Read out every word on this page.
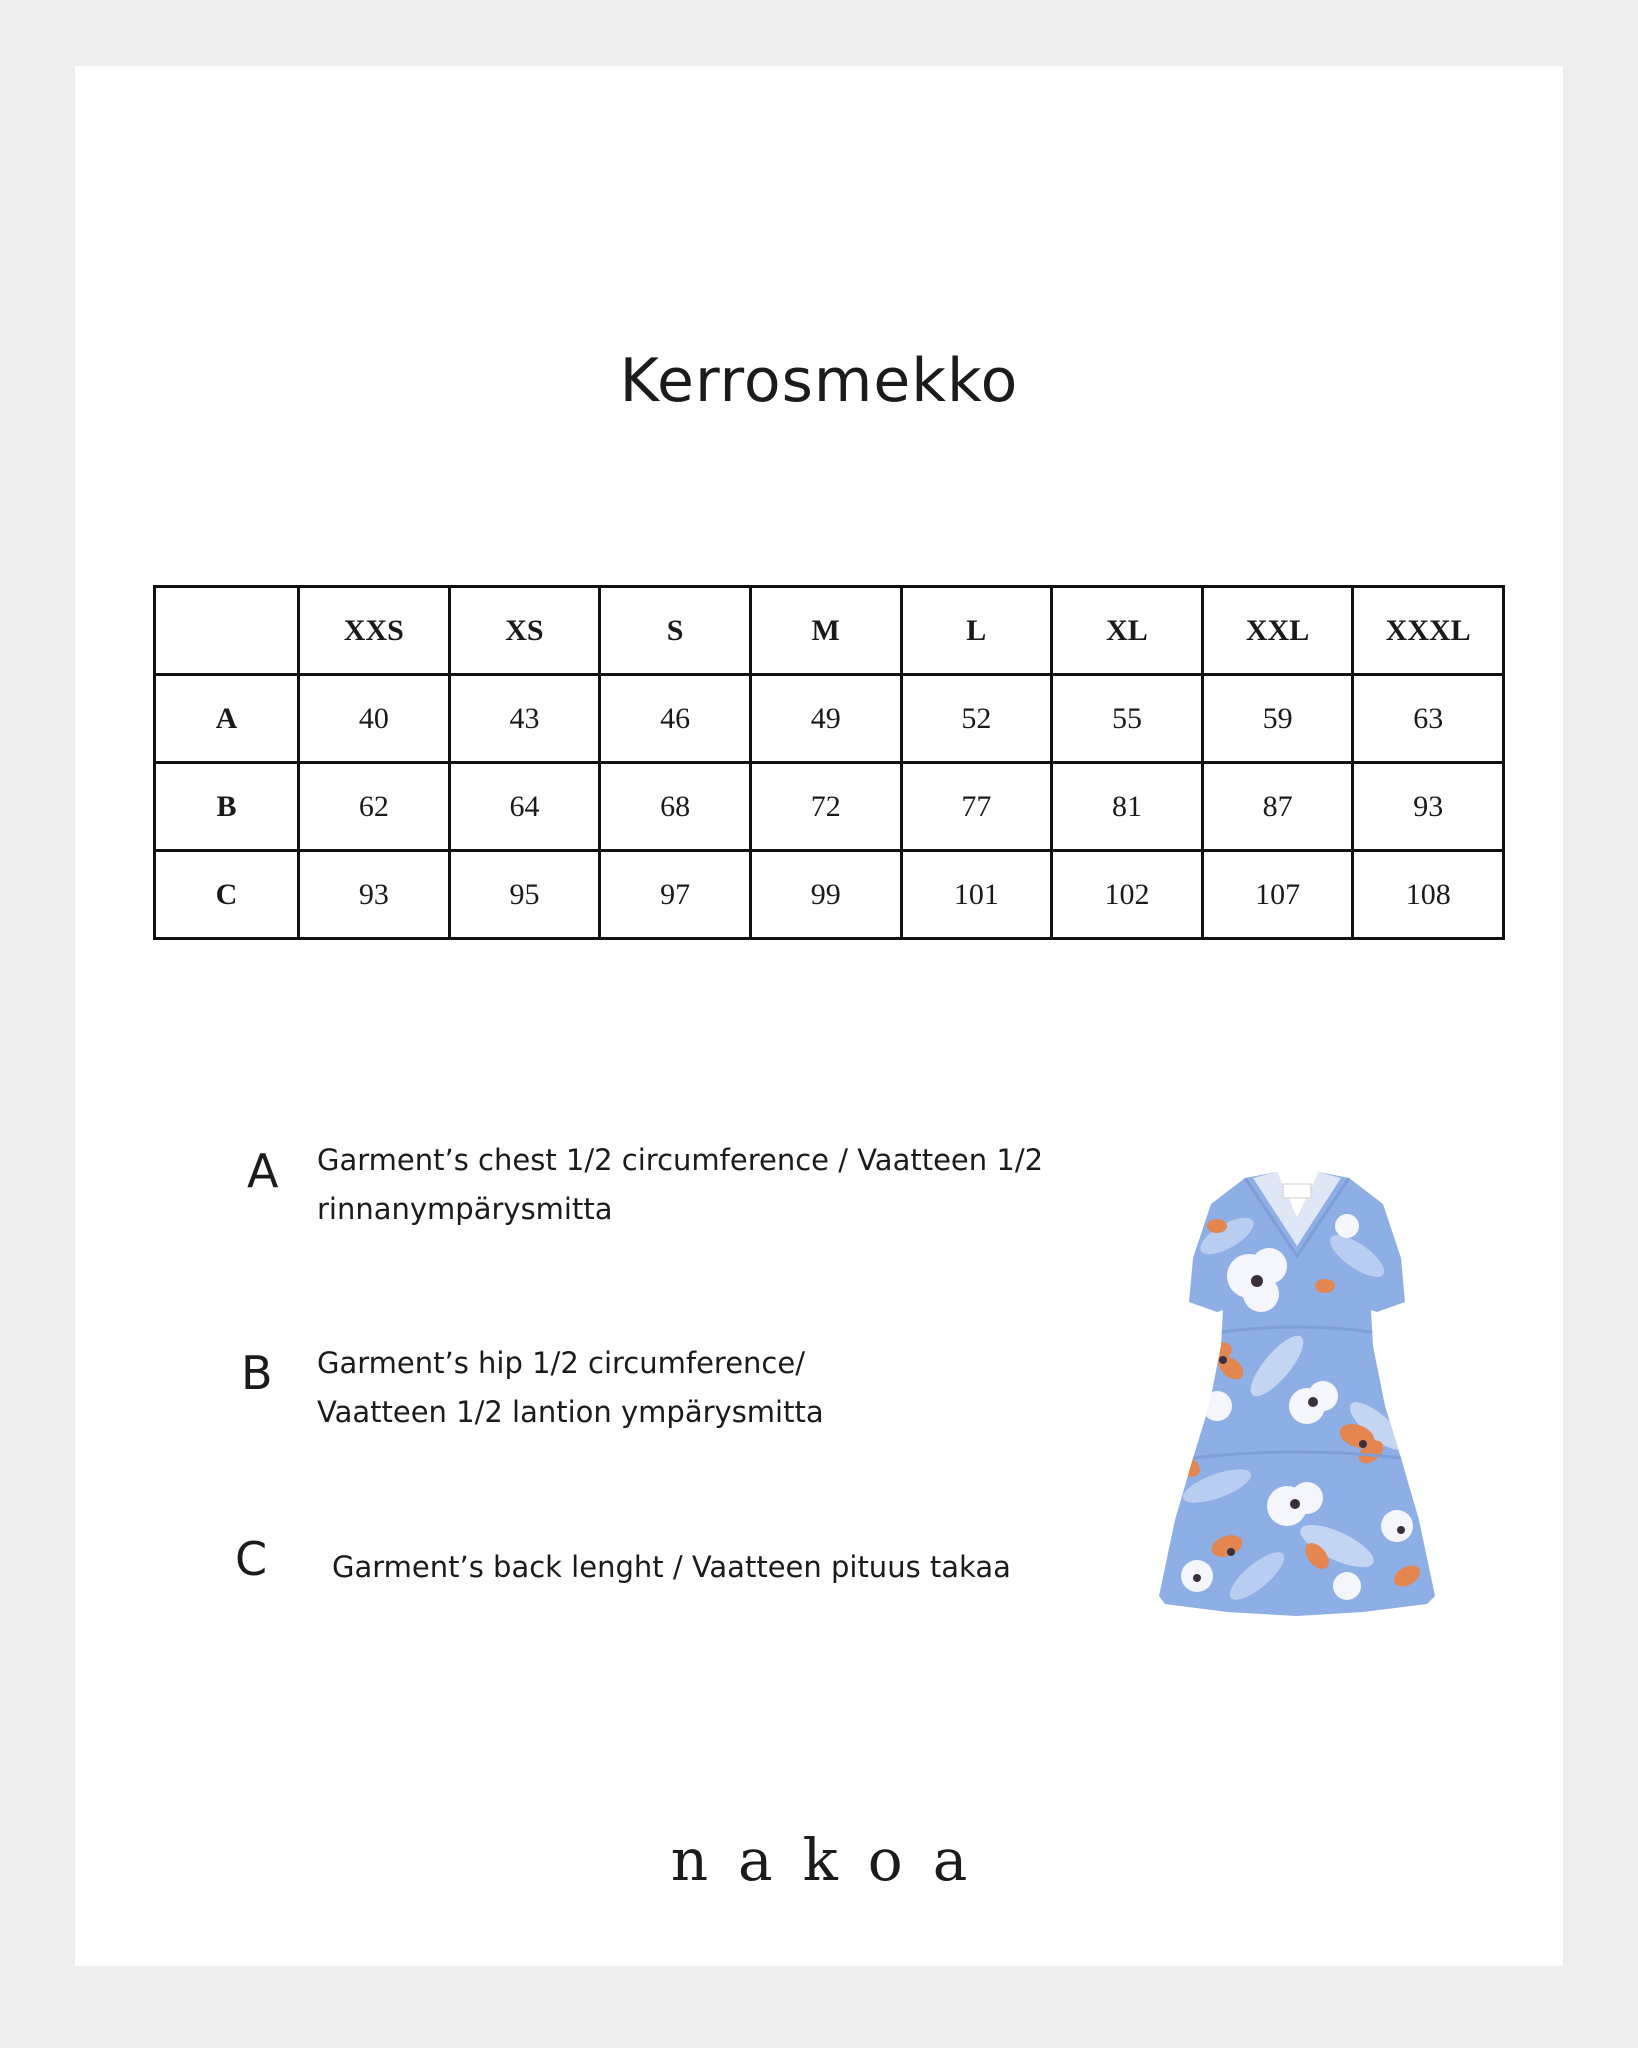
Kerrosmekko
	XXS	XS	S	M	L	XL	XXL	XXXL
A	40	43	46	49	52	55	59	63
B	62	64	68	72	77	81	87	93
C	93	95	97	99	101	102	107	108
A Garment’s chest 1/2 circumference / Vaatteen 1/2
rinnanympärysmitta
B Garment’s hip 1/2 circumference/
Vaatteen 1/2 lantion ympärysmitta
C Garment’s back lenght / Vaatteen pituus takaa
nakoa
